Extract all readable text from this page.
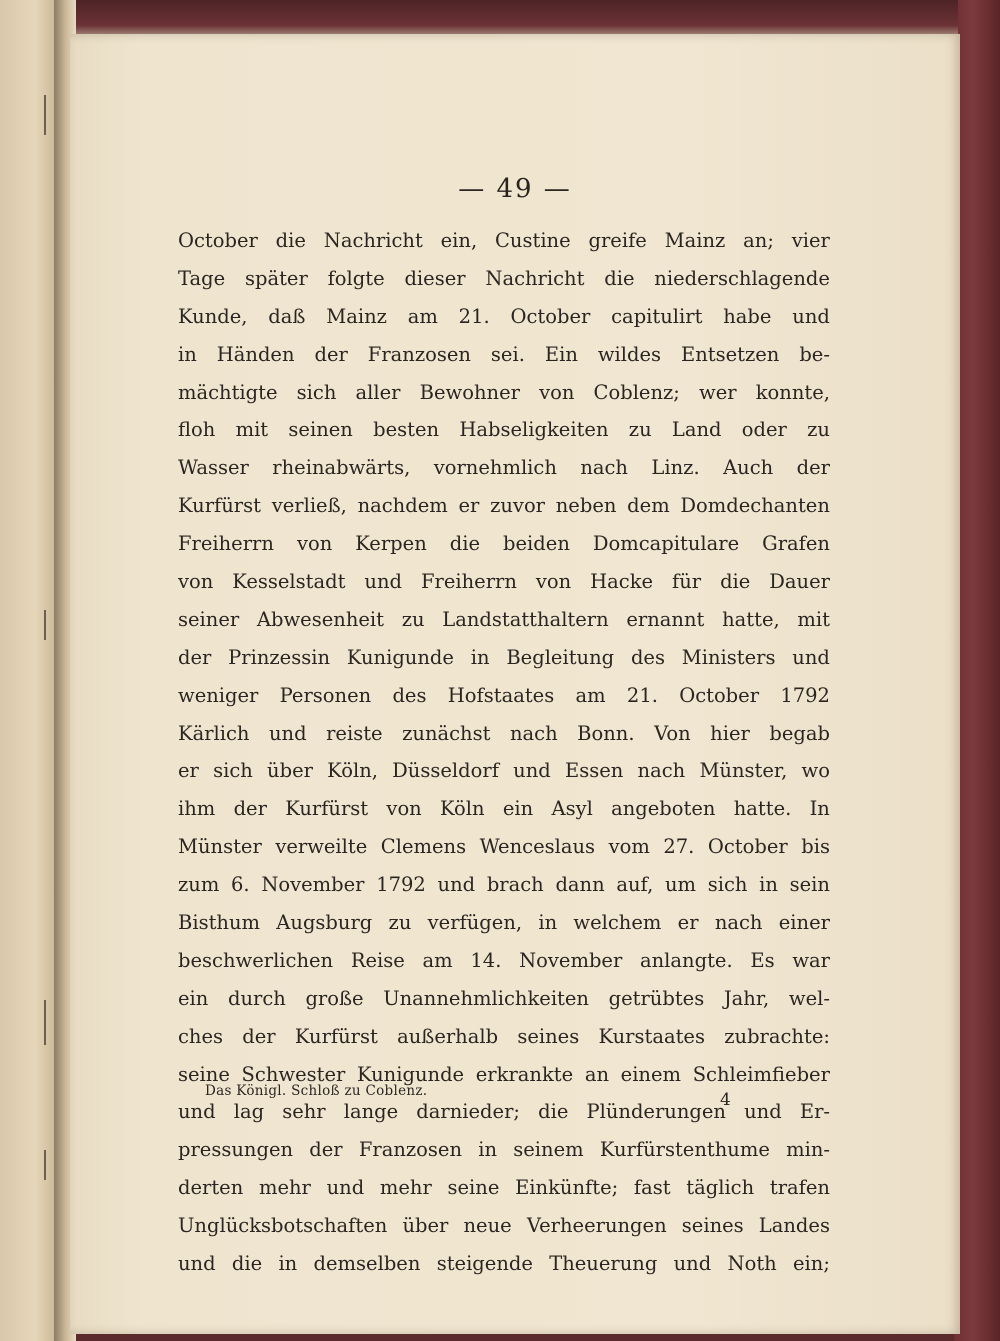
— 49 —
October die Nachricht ein, Custine greife Mainz an; vier
Tage später folgte dieser Nachricht die niederschlagende
Kunde, daß Mainz am 21. October capitulirt habe und
in Händen der Franzosen sei. Ein wildes Entsetzen be-
mächtigte sich aller Bewohner von Coblenz; wer konnte,
floh mit seinen besten Habseligkeiten zu Land oder zu
Wasser rheinabwärts, vornehmlich nach Linz. Auch der
Kurfürst verließ, nachdem er zuvor neben dem Domdechanten
Freiherrn von Kerpen die beiden Domcapitulare Grafen
von Kesselstadt und Freiherrn von Hacke für die Dauer
seiner Abwesenheit zu Landstatthaltern ernannt hatte, mit
der Prinzessin Kunigunde in Begleitung des Ministers und
weniger Personen des Hofstaates am 21. October 1792
Kärlich und reiste zunächst nach Bonn. Von hier begab
er sich über Köln, Düsseldorf und Essen nach Münster, wo
ihm der Kurfürst von Köln ein Asyl angeboten hatte. In
Münster verweilte Clemens Wenceslaus vom 27. October bis
zum 6. November 1792 und brach dann auf, um sich in sein
Bisthum Augsburg zu verfügen, in welchem er nach einer
beschwerlichen Reise am 14. November anlangte. Es war
ein durch große Unannehmlichkeiten getrübtes Jahr, wel-
ches der Kurfürst außerhalb seines Kurstaates zubrachte:
seine Schwester Kunigunde erkrankte an einem Schleimfieber
und lag sehr lange darnieder; die Plünderungen und Er-
pressungen der Franzosen in seinem Kurfürstenthume min-
derten mehr und mehr seine Einkünfte; fast täglich trafen
Unglücksbotschaften über neue Verheerungen seines Landes
und die in demselben steigende Theuerung und Noth ein;
Das Königl. Schloß zu Coblenz.	4
